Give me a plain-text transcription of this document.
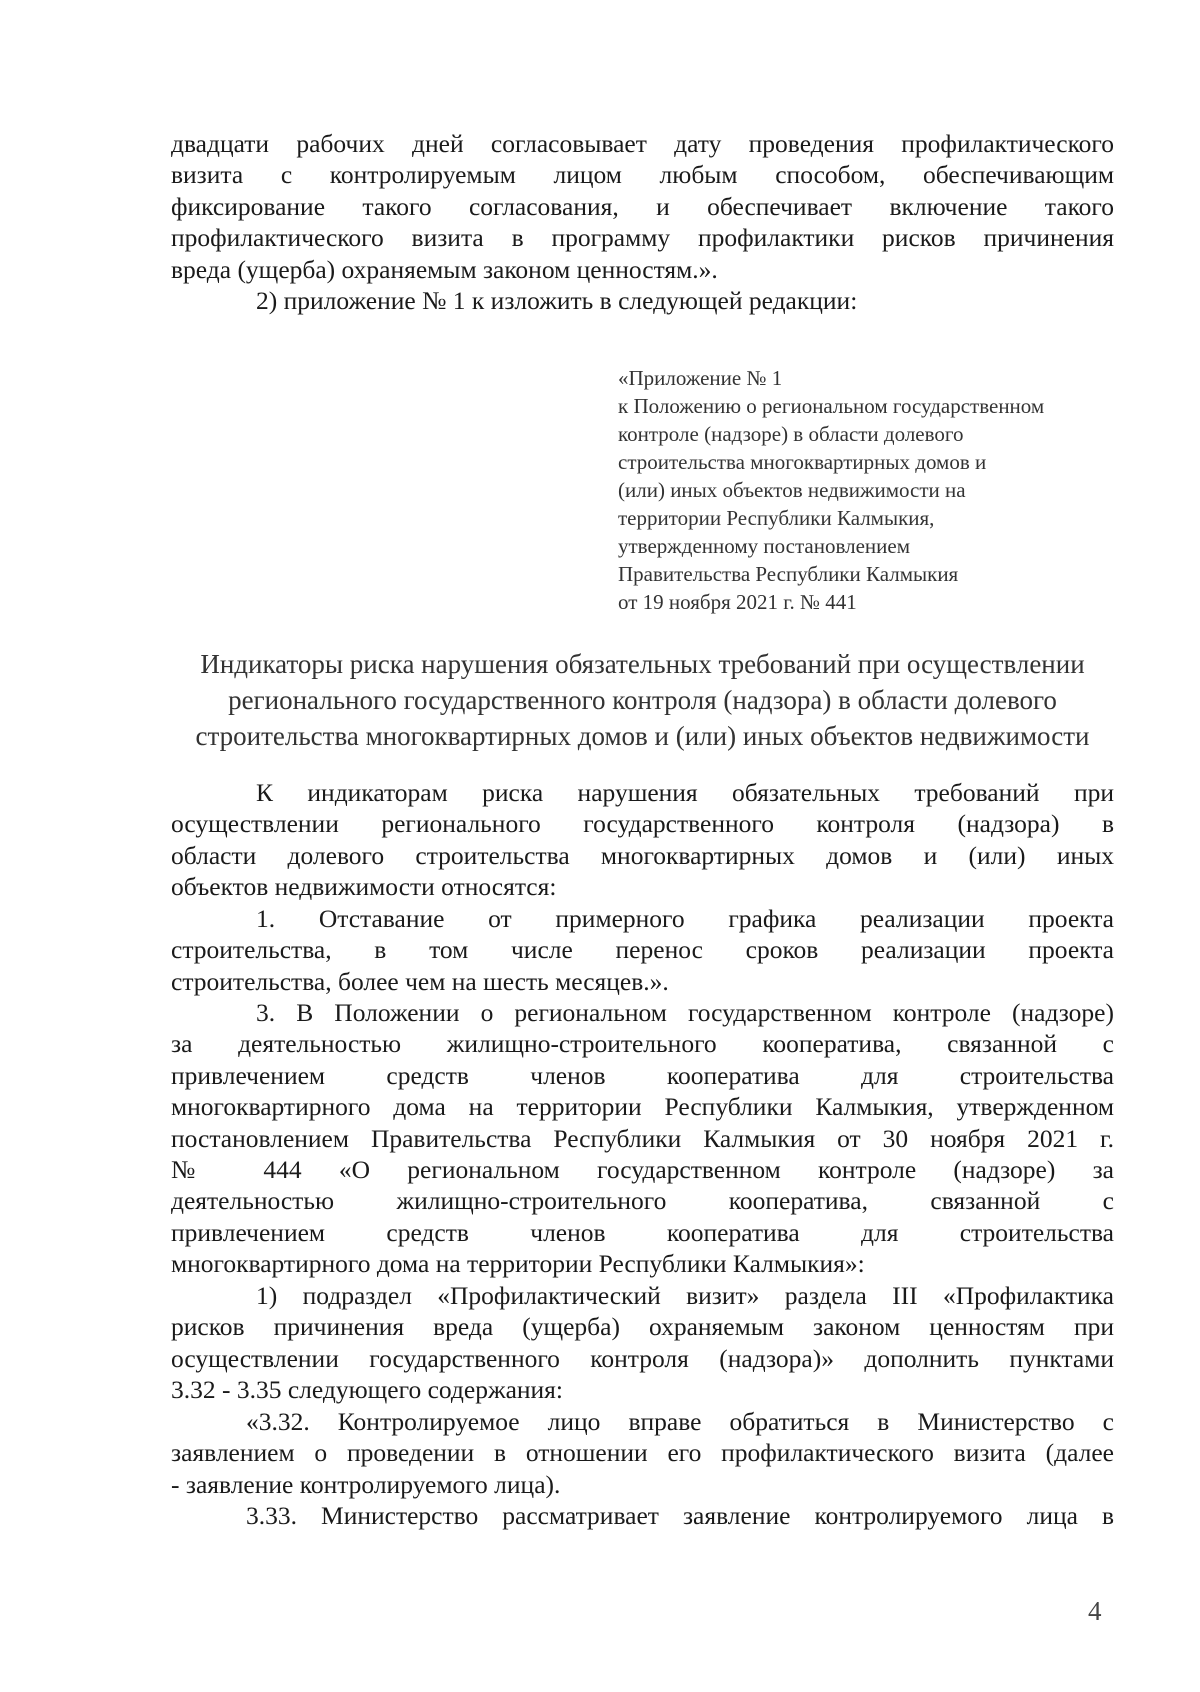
двадцати рабочих дней согласовывает дату проведения профилактического

визита с контролируемым лицом любым способом, обеспечивающим

фиксирование такого согласования, и обеспечивает включение такого

профилактического визита в программу профилактики рисков причинения

вреда (ущерба) охраняемым законом ценностям.».

2) приложение № 1 к изложить в следующей редакции:

«Приложение № 1
к Положению о региональном государственном
контроле (надзоре) в области долевого
строительства многоквартирных домов и
(или) иных объектов недвижимости на
территории Республики Калмыкия,
утвержденному постановлением
Правительства Республики Калмыкия
от 19 ноября 2021 г. № 441
Индикаторы риска нарушения обязательных требований при осуществлении
регионального государственного контроля (надзора) в области долевого
строительства многоквартирных домов и (или) иных объектов недвижимости

К индикаторам риска нарушения обязательных требований при

осуществлении регионального государственного контроля (надзора) в

области долевого строительства многоквартирных домов и (или) иных

объектов недвижимости относятся:

1. Отставание от примерного графика реализации проекта

строительства, в том числе перенос сроков реализации проекта

строительства, более чем на шесть месяцев.».

3. В Положении о региональном государственном контроле (надзоре)

за деятельностью жилищно-строительного кооператива, связанной с

привлечением средств членов кооператива для строительства

многоквартирного дома на территории Республики Калмыкия, утвержденном

постановлением Правительства Республики Калмыкия от 30 ноября 2021 г.

№ 444 «О региональном государственном контроле (надзоре) за

деятельностью жилищно-строительного кооператива, связанной с

привлечением средств членов кооператива для строительства

многоквартирного дома на территории Республики Калмыкия»:

1) подраздел «Профилактический визит» раздела III «Профилактика

рисков причинения вреда (ущерба) охраняемым законом ценностям при

осуществлении государственного контроля (надзора)» дополнить пунктами

3.32 - 3.35 следующего содержания:

«3.32. Контролируемое лицо вправе обратиться в Министерство с

заявлением о проведении в отношении его профилактического визита (далее

- заявление контролируемого лица).

3.33. Министерство рассматривает заявление контролируемого лица в

4
